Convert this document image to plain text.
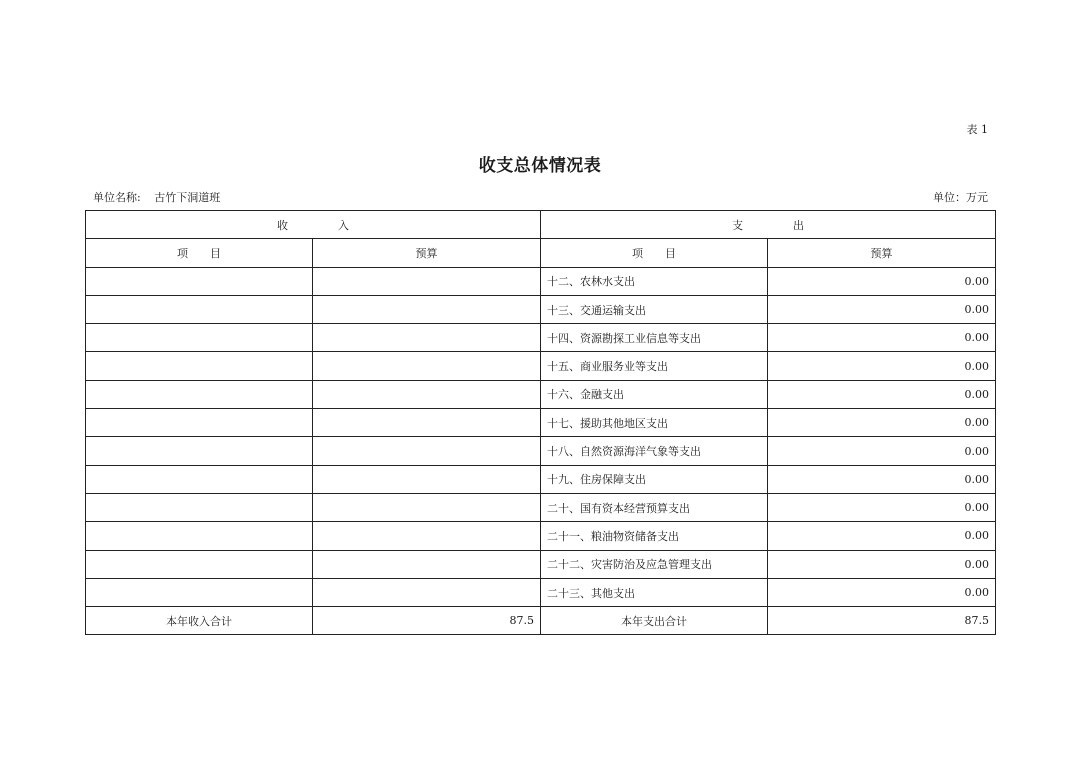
表 1
收支总体情况表
单位名称: 古竹下洞道班	单位：万元
收 入		支 出	
项 目	预算	项 目	预算
		十二、农林水支出	0.00
		十三、交通运输支出	0.00
		十四、资源勘探工业信息等支出	0.00
		十五、商业服务业等支出	0.00
		十六、金融支出	0.00
		十七、援助其他地区支出	0.00
		十八、自然资源海洋气象等支出	0.00
		十九、住房保障支出	0.00
		二十、国有资本经营预算支出	0.00
		二十一、粮油物资储备支出	0.00
		二十二、灾害防治及应急管理支出	0.00
		二十三、其他支出	0.00
本年收入合计	87.5	本年支出合计	87.5
